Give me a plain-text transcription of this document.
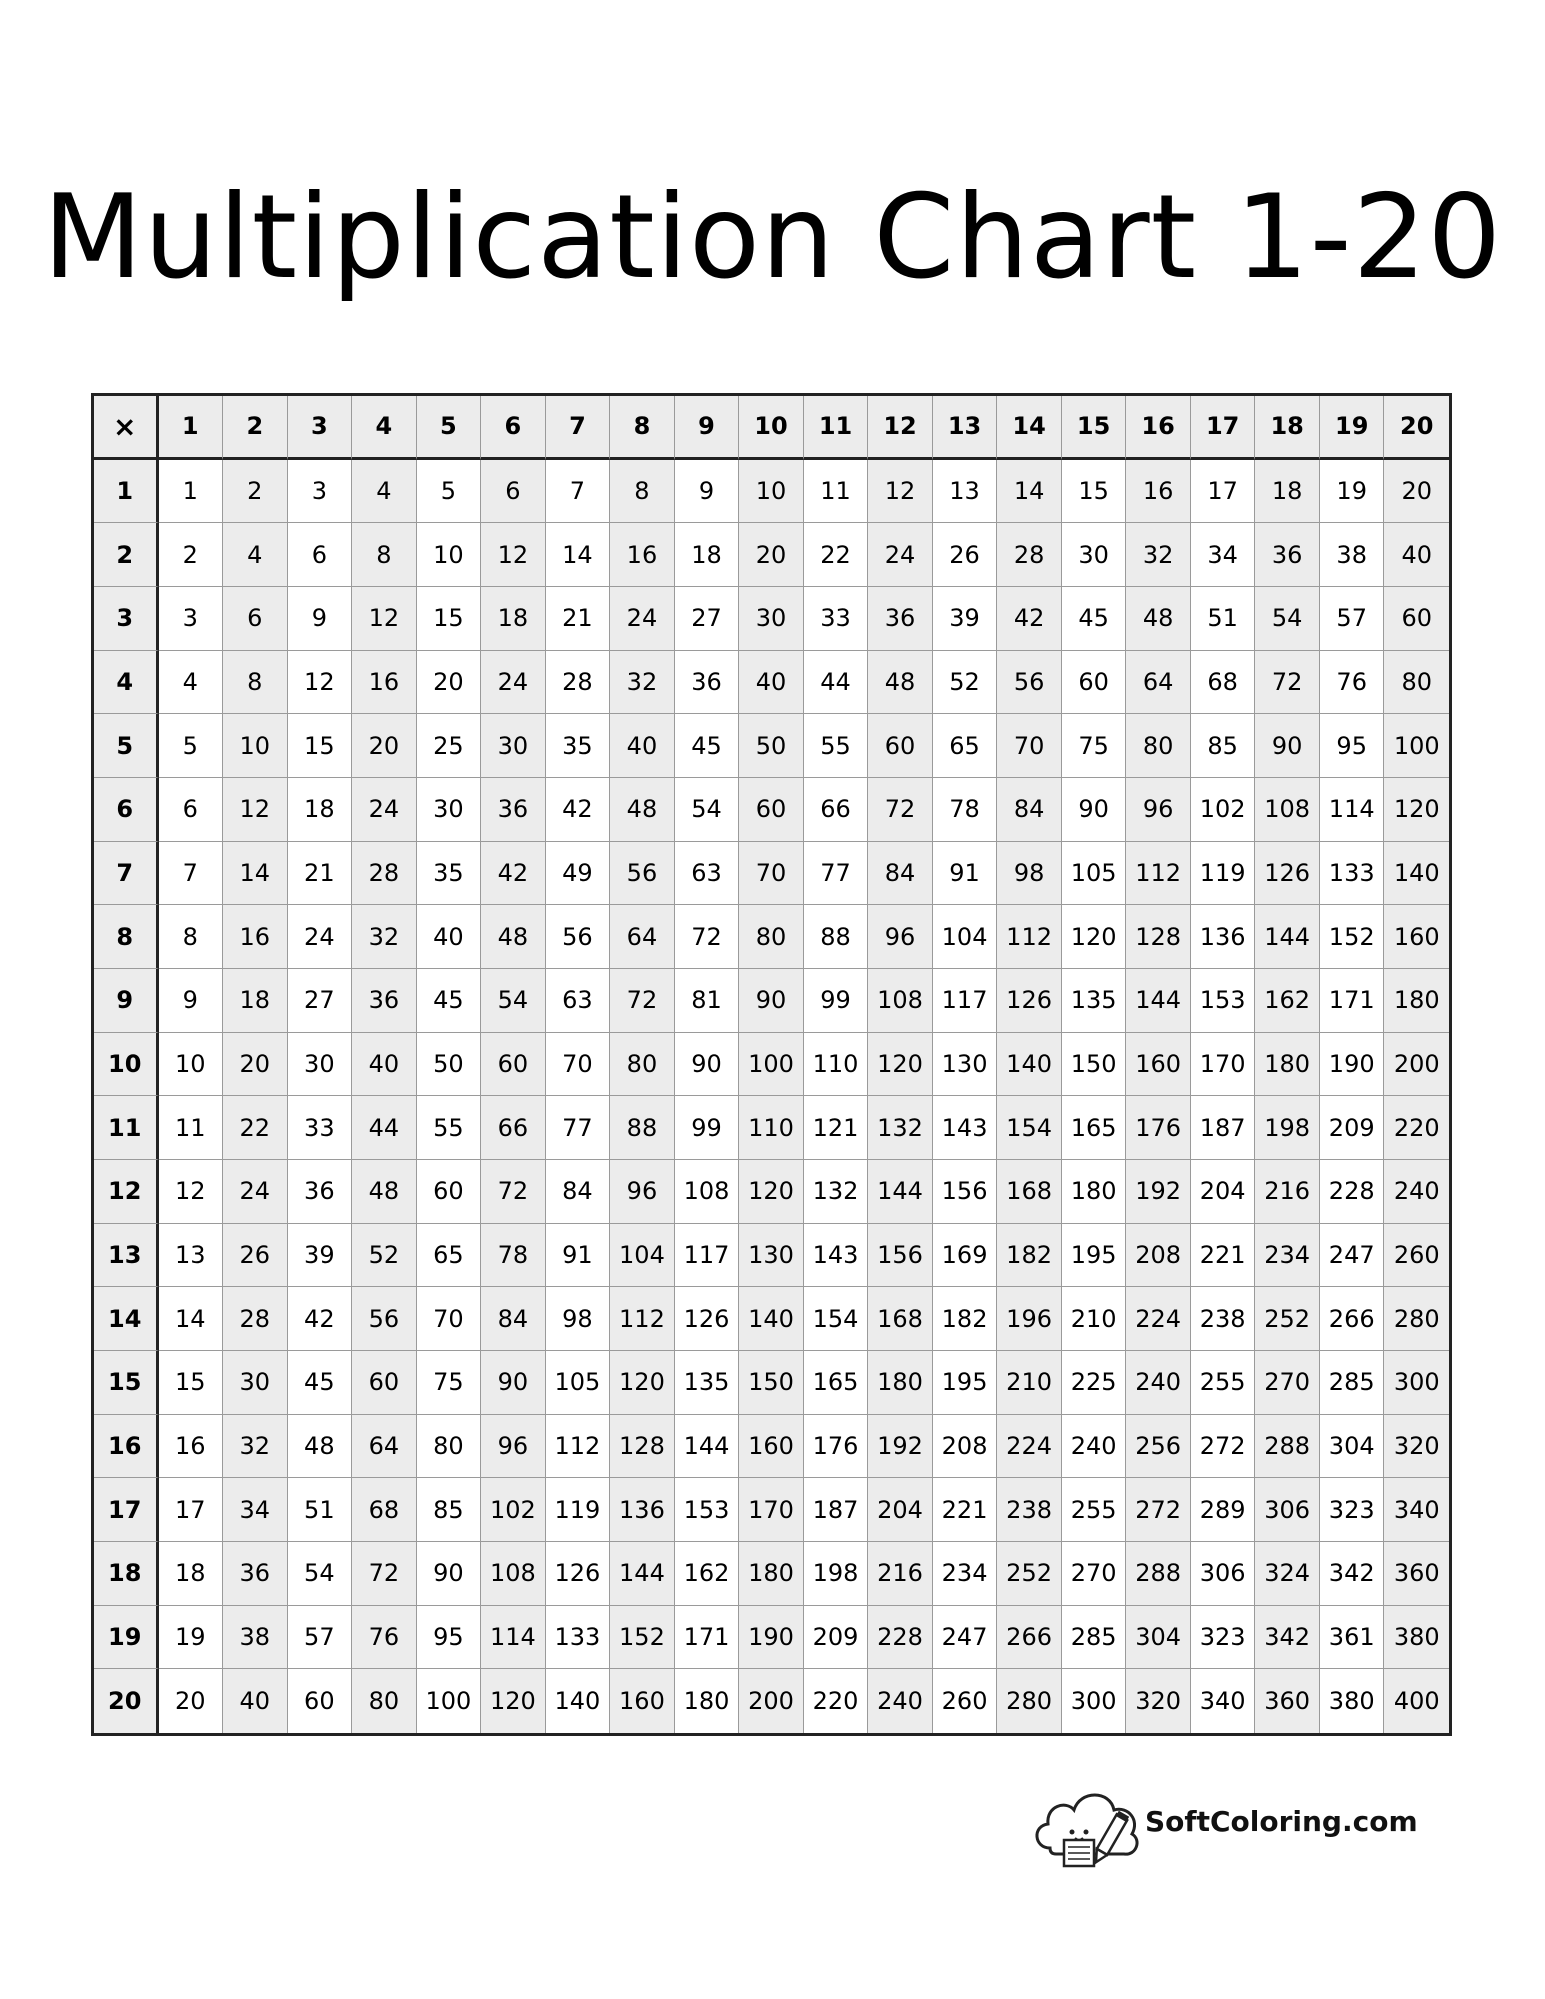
Multiplication Chart 1-20
×	1	2	3	4	5	6	7	8	9	10	11	12	13	14	15	16	17	18	19	20
1	1	2	3	4	5	6	7	8	9	10	11	12	13	14	15	16	17	18	19	20
2	2	4	6	8	10	12	14	16	18	20	22	24	26	28	30	32	34	36	38	40
3	3	6	9	12	15	18	21	24	27	30	33	36	39	42	45	48	51	54	57	60
4	4	8	12	16	20	24	28	32	36	40	44	48	52	56	60	64	68	72	76	80
5	5	10	15	20	25	30	35	40	45	50	55	60	65	70	75	80	85	90	95	100
6	6	12	18	24	30	36	42	48	54	60	66	72	78	84	90	96	102 108 114 120
7	7	14	21	28	35	42	49	56	63	70	77	84	91	98	105 112 119 126 133 140
8	8	16	24	32	40	48	56	64	72	80	88	96	104 112 120 128 136 144 152 160
9	9	18	27	36	45	54	63	72	81	90	99	108 117 126 135 144 153 162 171 180
10	10	20	30	40	50	60	70	80	90	100 110 120 130 140 150 160 170 180 190 200
11	11	22	33	44	55	66	77	88	99	110 121 132 143 154 165 176 187 198 209 220
12	12	24	36	48	60	72	84	96	108 120 132 144 156 168 180 192 204 216 228 240
13	13	26	39	52	65	78	91	104 117 130 143 156 169 182 195 208 221 234 247 260
14	14	28	42	56	70	84	98	112 126 140 154 168 182 196 210 224 238 252 266 280
15	15	30	45	60	75	90	105 120 135 150 165 180 195 210 225 240 255 270 285 300
16	16	32	48	64	80	96	112 128 144 160 176 192 208 224 240 256 272 288 304 320
17	17	34	51	68	85	102 119 136 153 170 187 204 221 238 255 272 289 306 323 340
18	18	36	54	72	90	108 126 144 162 180 198 216 234 252 270 288 306 324 342 360
19	19	38	57	76	95	114 133 152 171 190 209 228 247 266 285 304 323 342 361 380
20	20	40	60	80	100 120 140 160 180 200 220 240 260 280 300 320 340 360 380 400
SoftColoring.com
